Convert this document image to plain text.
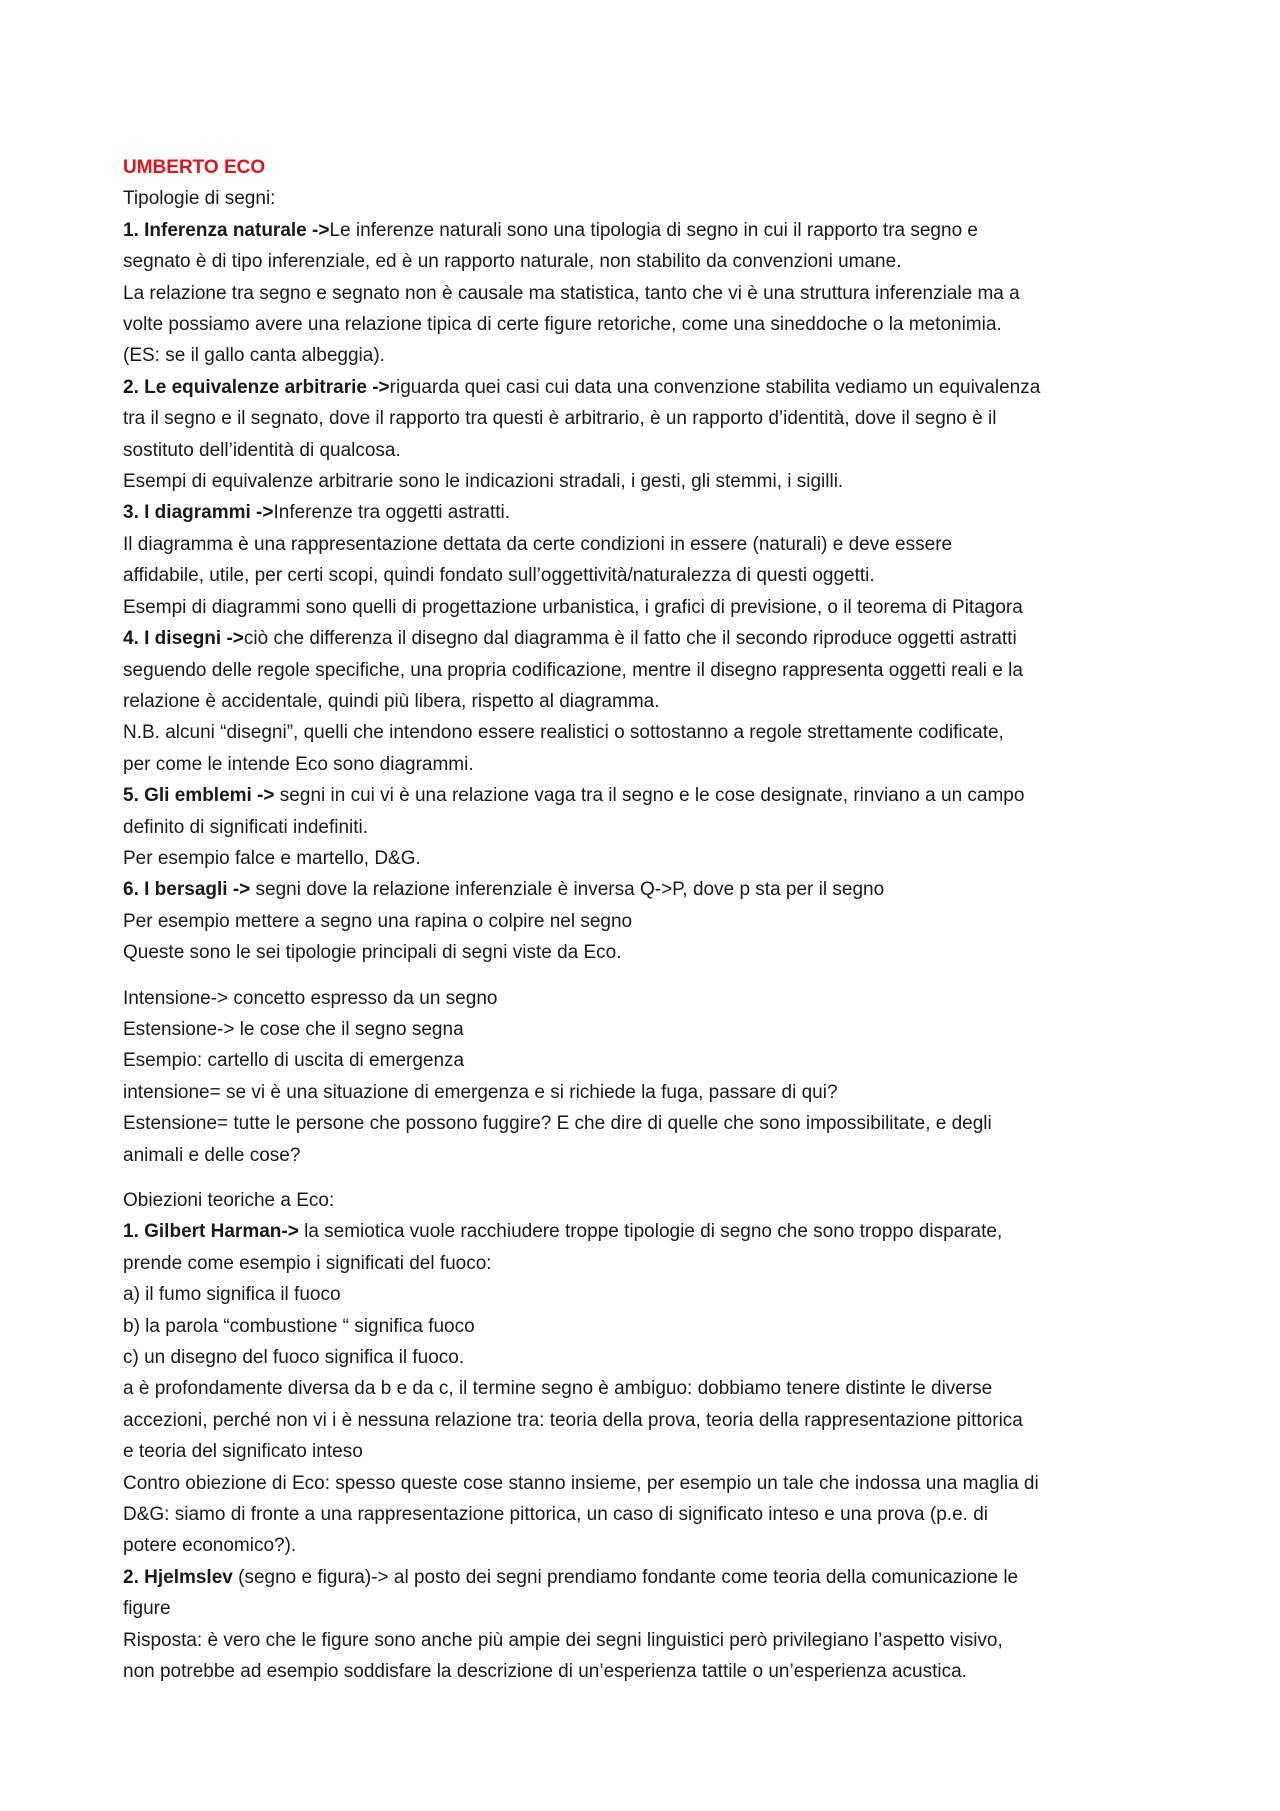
UMBERTO ECO
Tipologie di segni:
1. Inferenza naturale ->Le inferenze naturali sono una tipologia di segno in cui il rapporto tra segno e
segnato è di tipo inferenziale, ed è un rapporto naturale, non stabilito da convenzioni umane.
La relazione tra segno e segnato non è causale ma statistica, tanto che vi è una struttura inferenziale ma a
volte possiamo avere una relazione tipica di certe figure retoriche, come una sineddoche o la metonimia.
(ES: se il gallo canta albeggia).
2. Le equivalenze arbitrarie ->riguarda quei casi cui data una convenzione stabilita vediamo un equivalenza
tra il segno e il segnato, dove il rapporto tra questi è arbitrario, è un rapporto d’identità, dove il segno è il
sostituto dell’identità di qualcosa.
Esempi di equivalenze arbitrarie sono le indicazioni stradali, i gesti, gli stemmi, i sigilli.
3. I diagrammi ->Inferenze tra oggetti astratti.
Il diagramma è una rappresentazione dettata da certe condizioni in essere (naturali) e deve essere
affidabile, utile, per certi scopi, quindi fondato sull’oggettività/naturalezza di questi oggetti.
Esempi di diagrammi sono quelli di progettazione urbanistica, i grafici di previsione, o il teorema di Pitagora
4. I disegni ->ciò che differenza il disegno dal diagramma è il fatto che il secondo riproduce oggetti astratti
seguendo delle regole specifiche, una propria codificazione, mentre il disegno rappresenta oggetti reali e la
relazione è accidentale, quindi più libera, rispetto al diagramma.
N.B. alcuni “disegni”, quelli che intendono essere realistici o sottostanno a regole strettamente codificate,
per come le intende Eco sono diagrammi.
5. Gli emblemi -> segni in cui vi è una relazione vaga tra il segno e le cose designate, rinviano a un campo
definito di significati indefiniti.
Per esempio falce e martello, D&G.
6. I bersagli -> segni dove la relazione inferenziale è inversa Q->P, dove p sta per il segno
Per esempio mettere a segno una rapina o colpire nel segno
Queste sono le sei tipologie principali di segni viste da Eco.
Intensione-> concetto espresso da un segno
Estensione-> le cose che il segno segna
Esempio: cartello di uscita di emergenza
intensione= se vi è una situazione di emergenza e si richiede la fuga, passare di qui?
Estensione= tutte le persone che possono fuggire? E che dire di quelle che sono impossibilitate, e degli
animali e delle cose?
Obiezioni teoriche a Eco:
1. Gilbert Harman-> la semiotica vuole racchiudere troppe tipologie di segno che sono troppo disparate,
prende come esempio i significati del fuoco:
a) il fumo significa il fuoco
b) la parola “combustione “ significa fuoco
c) un disegno del fuoco significa il fuoco.
a è profondamente diversa da b e da c, il termine segno è ambiguo: dobbiamo tenere distinte le diverse
accezioni, perché non vi i è nessuna relazione tra: teoria della prova, teoria della rappresentazione pittorica
e teoria del significato inteso
Contro obiezione di Eco: spesso queste cose stanno insieme, per esempio un tale che indossa una maglia di
D&G: siamo di fronte a una rappresentazione pittorica, un caso di significato inteso e una prova (p.e. di
potere economico?).
2. Hjelmslev (segno e figura)-> al posto dei segni prendiamo fondante come teoria della comunicazione le
figure
Risposta: è vero che le figure sono anche più ampie dei segni linguistici però privilegiano l’aspetto visivo,
non potrebbe ad esempio soddisfare la descrizione di un’esperienza tattile o un’esperienza acustica.
